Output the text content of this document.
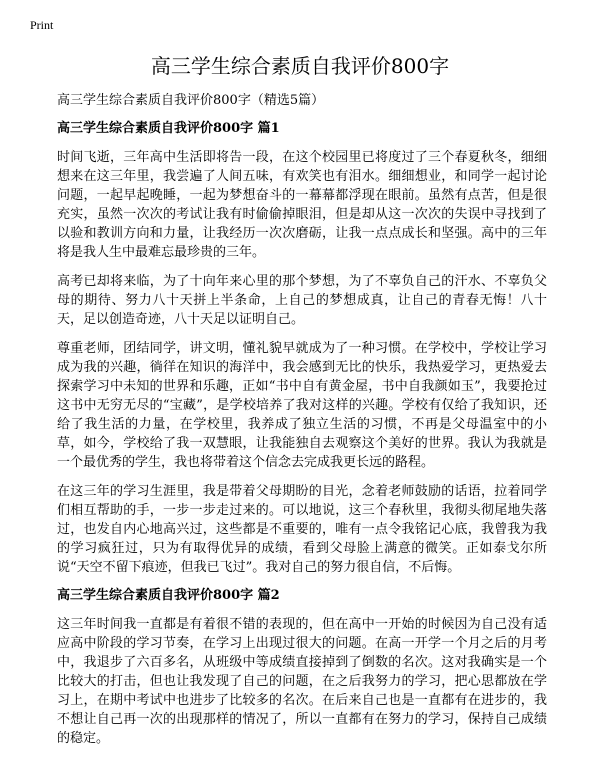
Print
高三学生综合素质自我评价800字
高三学生综合素质自我评价800字（精选5篇）
高三学生综合素质自我评价800字 篇1

时间飞逝，三年高中生活即将告一段，在这个校园里已将度过了三个春夏秋冬，细细想来在这三年里，我尝遍了人间五味，有欢笑也有泪水。细细想业，和同学一起讨论问题，一起早起晚睡，一起为梦想奋斗的一幕幕都浮现在眼前。虽然有点苦，但是很充实，虽然一次次的考试让我有时偷偷掉眼泪，但是却从这一次次的失误中寻找到了以验和教训方向和力量，让我经历一次次磨砺，让我一点点成长和坚强。高中的三年将是我人生中最难忘最珍贵的三年。

高考已却将来临，为了十向年来心里的那个梦想，为了不辜负自己的汗水、不辜负父母的期待、努力八十天拼上半条命，上自己的梦想成真，让自己的青春无悔！八十天，足以创造奇迹，八十天足以证明自己。

尊重老师，团结同学，讲文明，懂礼貌早就成为了一种习惯。在学校中，学校让学习成为我的兴趣，徜徉在知识的海洋中，我会感到无比的快乐，我热爱学习，更热爱去探索学习中未知的世界和乐趣，正如“书中自有黄金屋，书中自我颜如玉”，我要抢过这书中无穷无尽的“宝藏”，是学校培养了我对这样的兴趣。学校有仅给了我知识，还给了我生活的力量，在学校里，我养成了独立生活的习惯，不再是父母温室中的小草，如今，学校给了我一双慧眼，让我能独自去观察这个美好的世界。我认为我就是一个最优秀的学生，我也将带着这个信念去完成我更长远的路程。

在这三年的学习生涯里，我是带着父母期盼的目光，念着老师鼓励的话语，拉着同学们相互帮助的手，一步一步走过来的。可以地说，这三个春秋里，我彻头彻尾地失落过，也发自内心地高兴过，这些都是不重要的，唯有一点令我铭记心底，我曾我为我的学习疯狂过，只为有取得优异的成绩，看到父母脸上满意的微笑。正如泰戈尔所说“天空不留下痕迹，但我已飞过”。我对自己的努力很自信，不后悔。

高三学生综合素质自我评价800字 篇2

这三年时间我一直都是有着很不错的表现的，但在高中一开始的时候因为自己没有适应高中阶段的学习节奏，在学习上出现过很大的问题。在高一开学一个月之后的月考中，我退步了六百多名，从班级中等成绩直接掉到了倒数的名次。这对我确实是一个比较大的打击，但也让我发现了自己的问题，在之后我努力的学习，把心思都放在学习上，在期中考试中也进步了比较多的名次。在后来自己也是一直都有在进步的，我不想让自己再一次的出现那样的情况了，所以一直都有在努力的学习，保持自己成绩的稳定。
